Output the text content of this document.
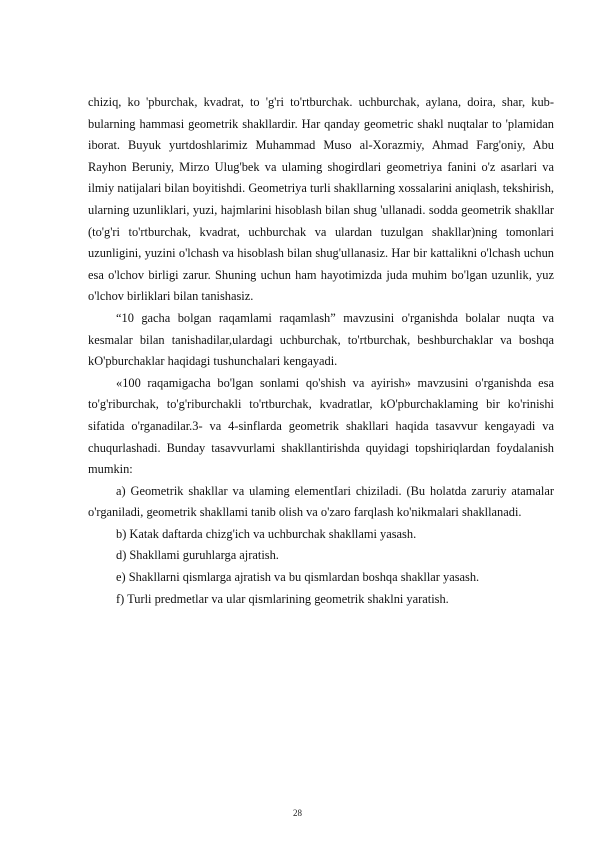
chiziq, ko 'pburchak, kvadrat, to 'g'ri to'rtburchak. uchburchak, aylana, doira, shar, kub-bularning hammasi geometrik shakllardir. Har qanday geometric shakl nuqtalar to 'plamidan iborat. Buyuk yurtdoshlarimiz Muhammad Muso al-Xorazmiy, Ahmad Farg'oniy, Abu Rayhon Beruniy, Mirzo Ulug'bek va ulaming shogirdlari geometriya fanini o'z asarlari va ilmiy natijalari bilan boyitishdi. Geometriya turli shakllarning xossalarini aniqlash, tekshirish, ularning uzunliklari, yuzi, hajmlarini hisoblash bilan shug 'ullanadi. sodda geometrik shakllar (to'g'ri to'rtburchak, kvadrat, uchburchak va ulardan tuzulgan shakllar)ning tomonlari uzunligini, yuzini o'lchash va hisoblash bilan shug'ullanasiz. Har bir kattalikni o'lchash uchun esa o'lchov birligi zarur. Shuning uchun ham hayotimizda juda muhim bo'lgan uzunlik, yuz o'lchov birliklari bilan tanishasiz.

“10 gacha bolgan raqamlami raqamlash” mavzusini o'rganishda bolalar nuqta va kesmalar bilan tanishadilar,ulardagi uchburchak, to'rtburchak, beshburchaklar va boshqa kO'pburchaklar haqidagi tushunchalari kengayadi.

«100 raqamigacha bo'lgan sonlami qo'shish va ayirish» mavzusini o'rganishda esa to'g'riburchak, to'g'riburchakli to'rtburchak, kvadratlar, kO'pburchaklaming bir ko'rinishi sifatida o'rganadilar.3- va 4-sinflarda geometrik shakllari haqida tasavvur kengayadi va chuqurlashadi. Bunday tasavvurlami shakllantirishda quyidagi topshiriqlardan foydalanish mumkin:

a) Geometrik shakllar va ulaming elementІari chiziladi. (Bu holatda zaruriy atamalar o'rganiladi, geometrik shakllami tanib olish va o'zaro farqlash ko'nikmalari shakllanadi.

b) Katak daftarda chizg'ich va uchburchak shakllami yasash.

d) Shakllami guruhlarga ajratish.

e) Shakllarni qismlarga ajratish va bu qismlardan boshqa shakllar yasash.

f) Turli predmetlar va ular qismlarining geometrik shaklni yaratish.

28
